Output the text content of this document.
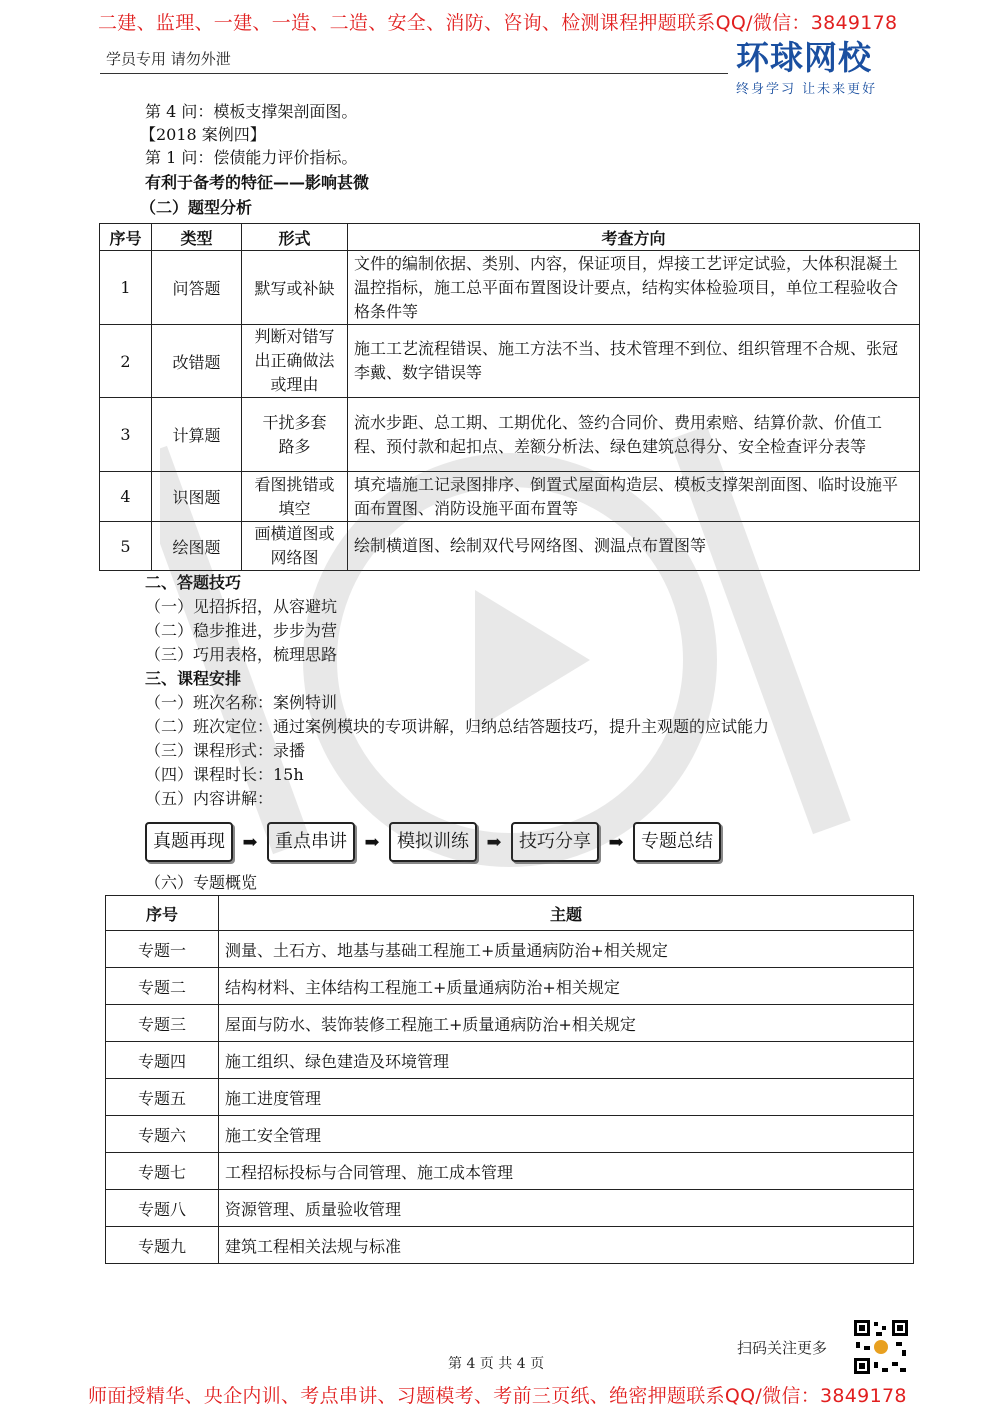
二建、监理、一建、一造、二造、安全、消防、咨询、检测课程押题联系QQ/微信：3849178
学员专用 请勿外泄	环球网校
终身学习 让未来更好
第 4 问：模板支撑架剖面图。
【2018 案例四】
第 1 问：偿债能力评价指标。
有利于备考的特征——影响甚微
（二）题型分析
序号	类型	形式	考查方向
1	问答题	默写或补缺	文件的编制依据、类别、内容，保证项目，焊接工艺评定试验，大体积混凝土温控指标，施工总平面布置图设计要点，结构实体检验项目，单位工程验收合格条件等
2	改错题	判断对错写出正确做法或理由	施工工艺流程错误、施工方法不当、技术管理不到位、组织管理不合规、张冠李戴、数字错误等
3	计算题	干扰多套路多	流水步距、总工期、工期优化、签约合同价、费用索赔、结算价款、价值工程、预付款和起扣点、差额分析法、绿色建筑总得分、安全检查评分表等
4	识图题	看图挑错或填空	填充墙施工记录图排序、倒置式屋面构造层、模板支撑架剖面图、临时设施平面布置图、消防设施平面布置等
5	绘图题	画横道图或网络图	绘制横道图、绘制双代号网络图、测温点布置图等
二、答题技巧
（一）见招拆招，从容避坑
（二）稳步推进，步步为营
（三）巧用表格，梳理思路
三、课程安排
（一）班次名称：案例特训
（二）班次定位：通过案例模块的专项讲解，归纳总结答题技巧，提升主观题的应试能力
（三）课程形式：录播
（四）课程时长：15h
（五）内容讲解：
真题再现 ➡ 重点串讲 ➡ 模拟训练 ➡ 技巧分享 ➡ 专题总结
（六）专题概览
序号	主题
专题一	测量、土石方、地基与基础工程施工+质量通病防治+相关规定
专题二	结构材料、主体结构工程施工+质量通病防治+相关规定
专题三	屋面与防水、装饰装修工程施工+质量通病防治+相关规定
专题四	施工组织、绿色建造及环境管理
专题五	施工进度管理
专题六	施工安全管理
专题七	工程招标投标与合同管理、施工成本管理
专题八	资源管理、质量验收管理
专题九	建筑工程相关法规与标准
扫码关注更多
第 4 页 共 4 页
师面授精华、央企内训、考点串讲、习题模考、考前三页纸、绝密押题联系QQ/微信：3849178
